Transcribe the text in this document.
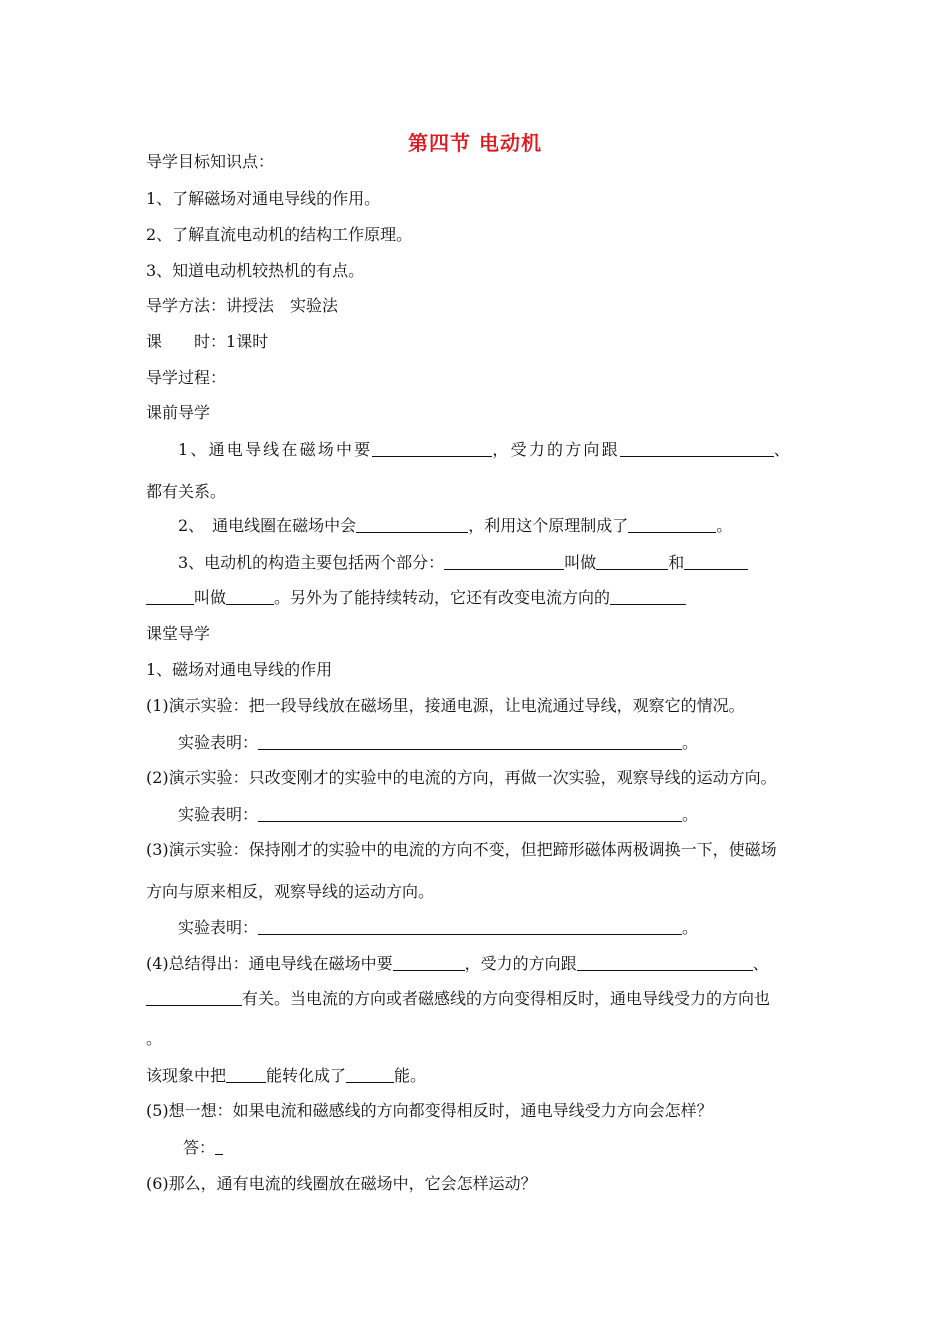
第四节 电动机
导学目标知识点：
1、了解磁场对通电导线的作用。
2、了解直流电动机的结构工作原理。
3、知道电动机较热机的有点。
导学方法：讲授法　实验法
课 时：1课时
导学过程：
课前导学
1、通电导线在磁场中要	，受力的方向跟	、
都有关系。
2、　通电线圈在磁场中会	，利用这个原理制成了	。
3、电动机的构造主要包括两个部分：	叫做	和
叫做	。另外为了能持续转动，它还有改变电流方向的
课堂导学
1、磁场对通电导线的作用
(1)演示实验：把一段导线放在磁场里，接通电源，让电流通过导线，观察它的情况。
实验表明：	。
(2)演示实验：只改变刚才的实验中的电流的方向，再做一次实验，观察导线的运动方向。
实验表明：	。
(3)演示实验：保持刚才的实验中的电流的方向不变，但把蹄形磁体两极调换一下，使磁场
方向与原来相反，观察导线的运动方向。
实验表明：	。
(4)总结得出：通电导线在磁场中要	，受力的方向跟	、
有关。当电流的方向或者磁感线的方向变得相反时，通电导线受力的方向也
。
该现象中把	能转化成了	能。
(5)想一想：如果电流和磁感线的方向都变得相反时，通电导线受力方向会怎样？
答：
(6)那么，通有电流的线圈放在磁场中，它会怎样运动？
